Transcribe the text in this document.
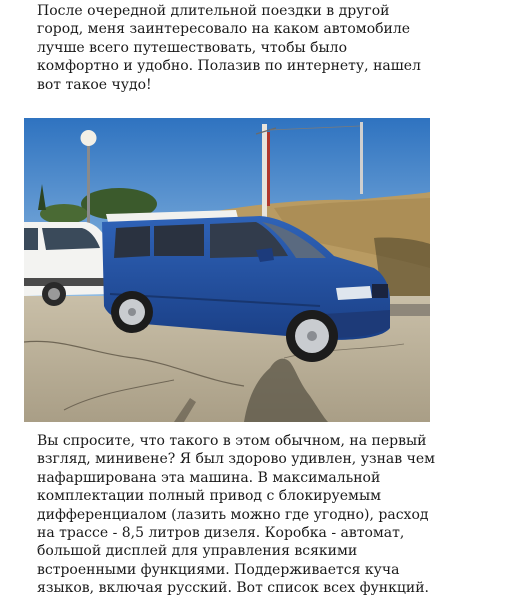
После очередной длительной поездки в другой
город, меня заинтересовало на каком автомобиле
лучше всего путешествовать, чтобы было
комфортно и удобно. Полазив по интернету, нашел
вот такое чудо!
Вы спросите, что такого в этом обычном, на первый
взгляд, минивене? Я был здорово удивлен, узнав чем
нафарширована эта машина. В максимальной
комплектации полный привод с блокируемым
дифференциалом (лазить можно где угодно), расход
на трассе - 8,5 литров дизеля. Коробка - автомат,
большой дисплей для управления всякими
встроенными функциями. Поддерживается куча
языков, включая русский. Вот список всех функций.
